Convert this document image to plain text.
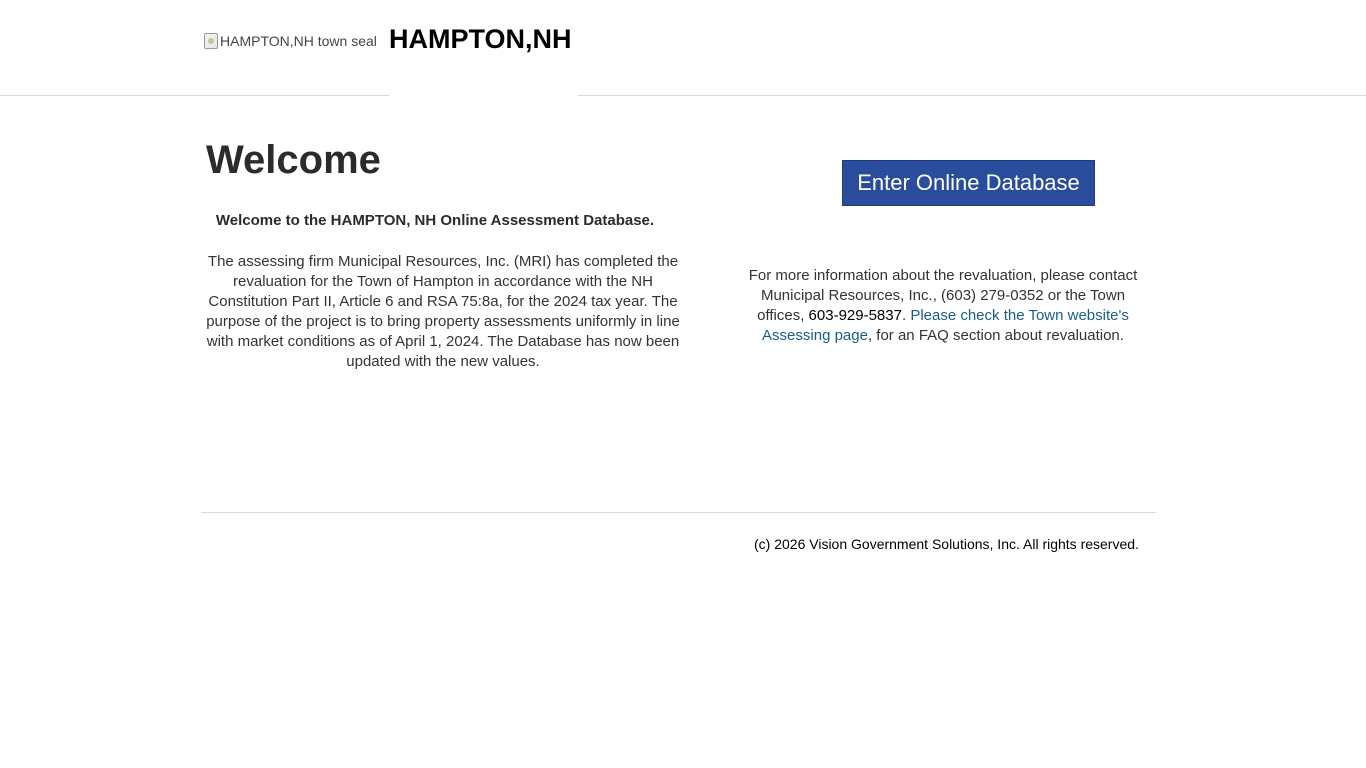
HAMPTON,NH town seal HAMPTON,NH
Welcome
Welcome to the HAMPTON, NH Online Assessment Database.
The assessing firm Municipal Resources, Inc. (MRI) has completed the revaluation for the Town of Hampton in accordance with the NH Constitution Part II, Article 6 and RSA 75:8a, for the 2024 tax year. The purpose of the project is to bring property assessments uniformly in line with market conditions as of April 1, 2024. The Database has now been updated with the new values.
Enter Online Database
For more information about the revaluation, please contact Municipal Resources, Inc., (603) 279-0352 or the Town offices, 603-929-5837. Please check the Town website's Assessing page, for an FAQ section about revaluation.
(c) 2026 Vision Government Solutions, Inc. All rights reserved.
